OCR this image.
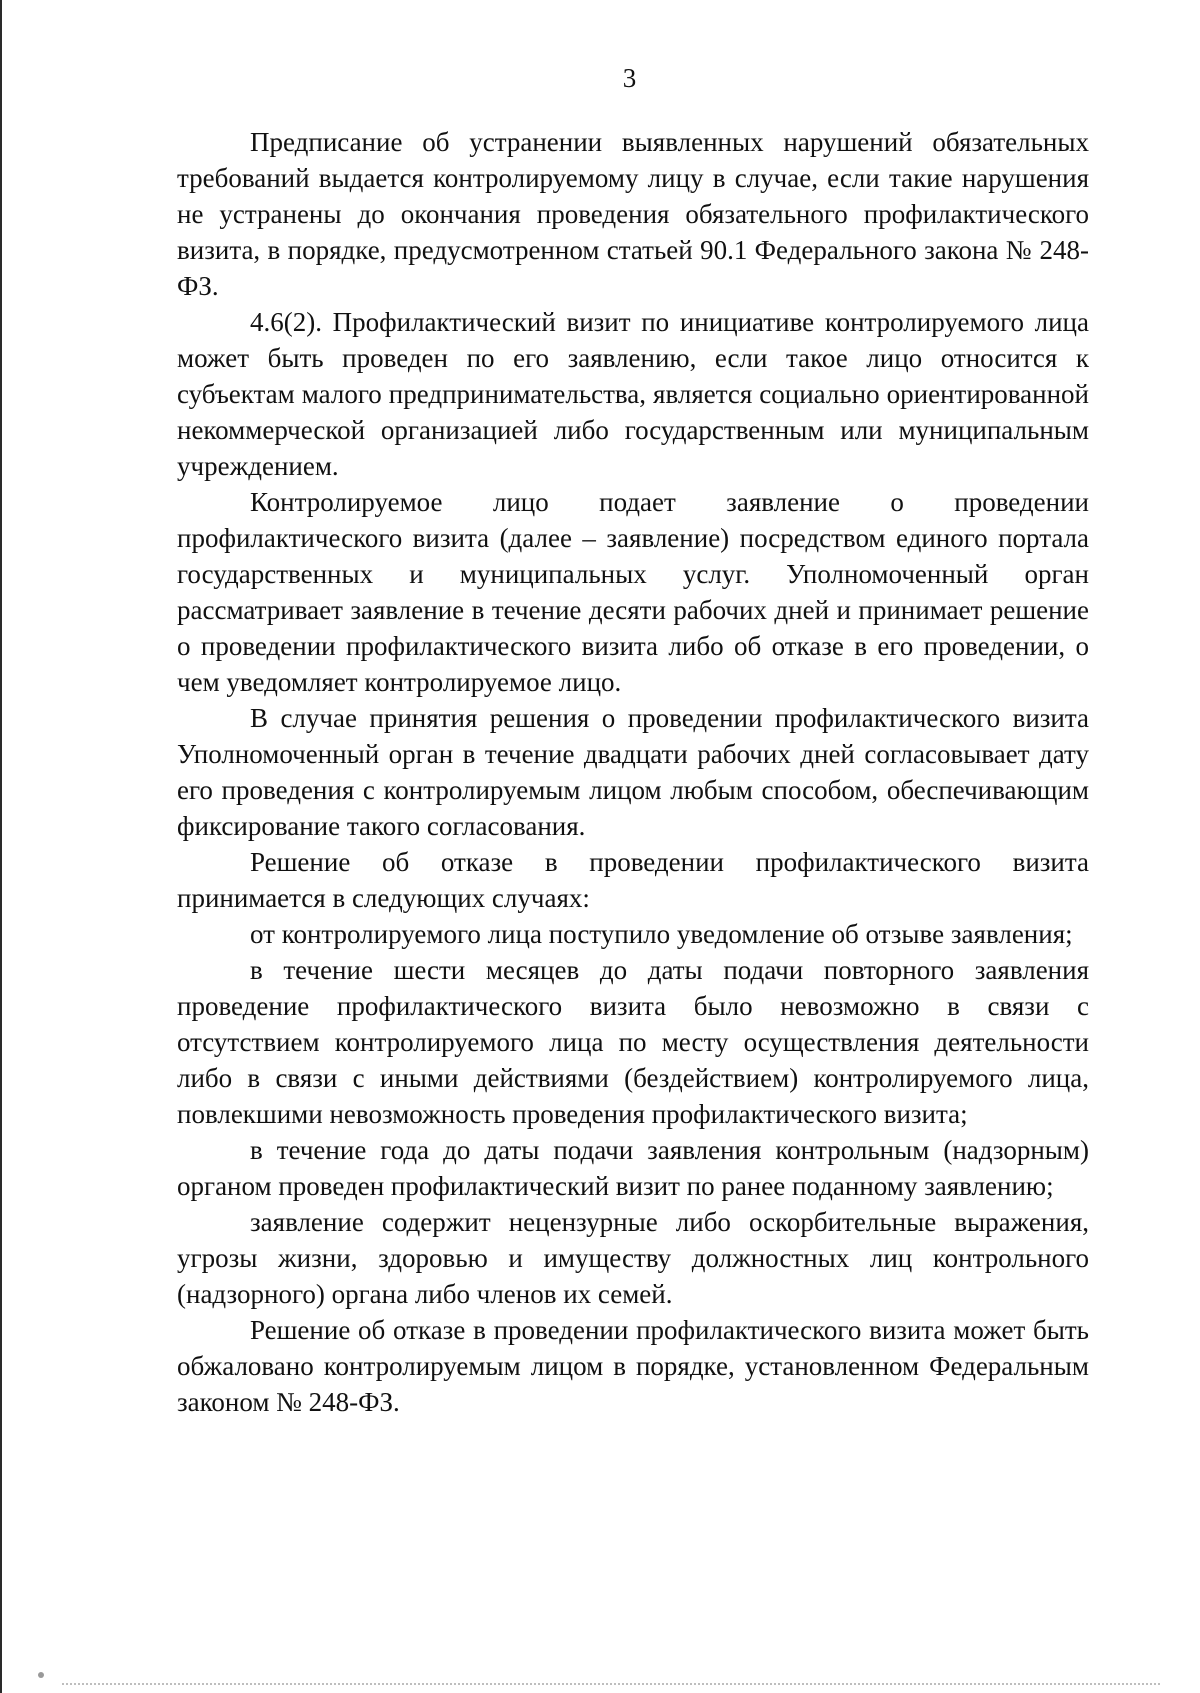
3

Предписание об устранении выявленных нарушений обязательных требований выдается контролируемому лицу в случае, если такие нарушения не устранены до окончания проведения обязательного профилактического визита, в порядке, предусмотренном статьей 90.1 Федерального закона № 248-ФЗ.

4.6(2). Профилактический визит по инициативе контролируемого лица может быть проведен по его заявлению, если такое лицо относится к субъектам малого предпринимательства, является социально ориентированной некоммерческой организацией либо государственным или муниципальным учреждением.

Контролируемое лицо подает заявление о проведении профилактического визита (далее – заявление) посредством единого портала государственных и муниципальных услуг. Уполномоченный орган рассматривает заявление в течение десяти рабочих дней и принимает решение о проведении профилактического визита либо об отказе в его проведении, о чем уведомляет контролируемое лицо.

В случае принятия решения о проведении профилактического визита Уполномоченный орган в течение двадцати рабочих дней согласовывает дату его проведения с контролируемым лицом любым способом, обеспечивающим фиксирование такого согласования.

Решение об отказе в проведении профилактического визита принимается в следующих случаях:

от контролируемого лица поступило уведомление об отзыве заявления;

в течение шести месяцев до даты подачи повторного заявления проведение профилактического визита было невозможно в связи с отсутствием контролируемого лица по месту осуществления деятельности либо в связи с иными действиями (бездействием) контролируемого лица, повлекшими невозможность проведения профилактического визита;

в течение года до даты подачи заявления контрольным (надзорным) органом проведен профилактический визит по ранее поданному заявлению;

заявление содержит нецензурные либо оскорбительные выражения, угрозы жизни, здоровью и имуществу должностных лиц контрольного (надзорного) органа либо членов их семей.

Решение об отказе в проведении профилактического визита может быть обжаловано контролируемым лицом в порядке, установленном Федеральным законом № 248-ФЗ.
